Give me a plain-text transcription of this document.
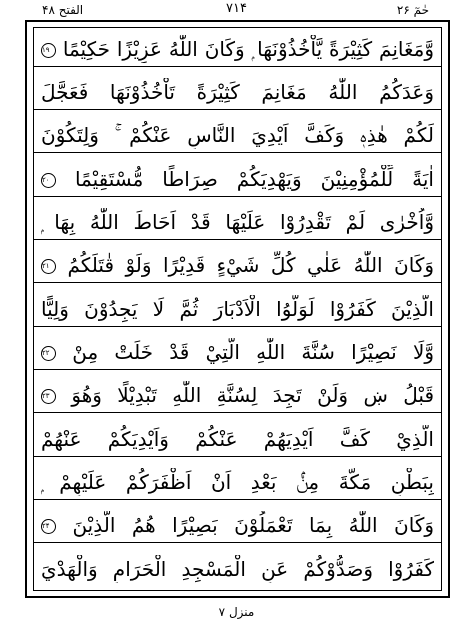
الفتح ۴۸	۷۱۴	حٰمٓ ۲۶
وَّمَغَانِمَ كَثِيْرَةً يَّاْخُذُوْنَهَا ۭ وَكَانَ اللّٰهُ عَزِيْزًا حَكِيْمًا ۱۹
وَعَدَكُمُ اللّٰهُ مَغَانِمَ كَثِيْرَةً تَاْخُذُوْنَهَا فَعَجَّلَ
لَكُمْ هٰذِهٖ وَكَفَّ اَيْدِيَ النَّاسِ عَنْكُمْ ۚ وَلِتَكُوْنَ
اٰيَةً لِّلْمُؤْمِنِيْنَ وَيَهْدِيَكُمْ صِرَاطًا مُّسْتَقِيْمًا ۲۰
وَّاُخْرٰى لَمْ تَقْدِرُوْا عَلَيْهَا قَدْ اَحَاطَ اللّٰهُ بِهَا ۭ
وَكَانَ اللّٰهُ عَلٰي كُلِّ شَيْءٍ قَدِيْرًا وَلَوْ قٰتَلَكُمُ ۲۱
الَّذِيْنَ كَفَرُوْا لَوَلَّوُا الْاَدْبَارَ ثُمَّ لَا يَجِدُوْنَ وَلِيًّا
وَّلَا نَصِيْرًا سُنَّةَ اللّٰهِ الَّتِيْ قَدْ خَلَتْ مِنْ ۲۲
قَبْلُ ښ وَلَنْ تَجِدَ لِسُنَّةِ اللّٰهِ تَبْدِيْلًا وَهُوَ ۲۳
الَّذِيْ كَفَّ اَيْدِيَهُمْ عَنْكُمْ وَاَيْدِيَكُمْ عَنْهُمْ
بِبَطْنِ مَكَّةَ مِنْۢ بَعْدِ اَنْ اَظْفَرَكُمْ عَلَيْهِمْ ۭ
وَكَانَ اللّٰهُ بِمَا تَعْمَلُوْنَ بَصِيْرًا هُمُ الَّذِيْنَ ۲۴
كَفَرُوْا وَصَدُّوْكُمْ عَنِ الْمَسْجِدِ الْحَرَامِ وَالْهَدْيَ
منزل ۷
